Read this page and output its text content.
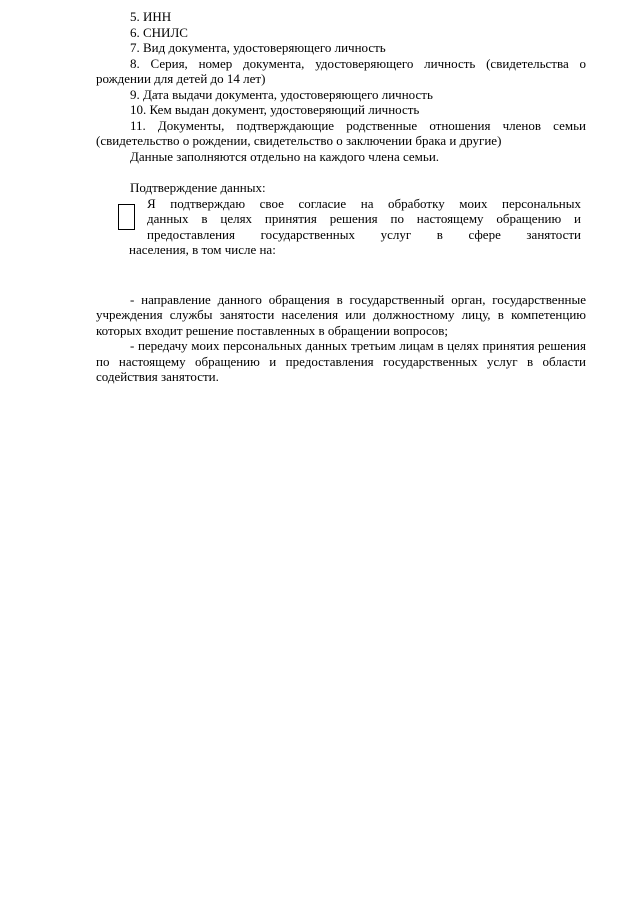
5. ИНН

6. СНИЛС

7. Вид документа, удостоверяющего личность

8. Серия, номер документа, удостоверяющего личность (свидетельства о рождении для детей до 14 лет)

9. Дата выдачи документа, удостоверяющего личность

10. Кем выдан документ, удостоверяющий личность

11. Документы, подтверждающие родственные отношения членов семьи (свидетельство о рождении, свидетельство о заключении брака и другие)

Данные заполняются отдельно на каждого члена семьи.

Подтверждение данных:

Я подтверждаю свое согласие на обработку моих персональных
данных в целях принятия решения по настоящему обращению и
предоставления государственных услуг в сфере занятости
населения, в том числе на:

- направление данного обращения в государственный орган, государственные учреждения службы занятости населения или должностному лицу, в компетенцию которых входит решение поставленных в обращении вопросов;

- передачу моих персональных данных третьим лицам в целях принятия решения по настоящему обращению и предоставления государственных услуг в области содействия занятости.
